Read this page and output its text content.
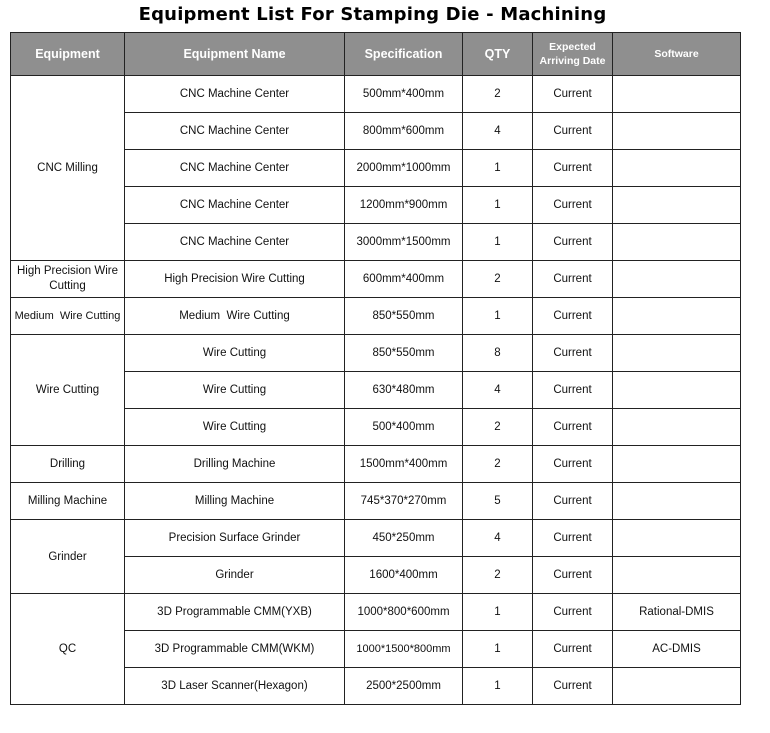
Equipment List For Stamping Die - Machining
Equipment	Equipment Name	Specification	QTY	Expected Arriving Date	Software
CNC Milling	CNC Machine Center	500mm*400mm	2	Current	
	CNC Machine Center	800mm*600mm	4	Current	
	CNC Machine Center	2000mm*1000mm	1	Current	
	CNC Machine Center	1200mm*900mm	1	Current	
	CNC Machine Center	3000mm*1500mm	1	Current	
High Precision Wire Cutting	High Precision Wire Cutting	600mm*400mm	2	Current	
Medium  Wire Cutting	Medium  Wire Cutting	850*550mm	1	Current	
Wire Cutting	Wire Cutting	850*550mm	8	Current	
	Wire Cutting	630*480mm	4	Current	
	Wire Cutting	500*400mm	2	Current	
Drilling	Drilling Machine	1500mm*400mm	2	Current	
Milling Machine	Milling Machine	745*370*270mm	5	Current	
Grinder	Precision Surface Grinder	450*250mm	4	Current	
	Grinder	1600*400mm	2	Current	
QC	3D Programmable CMM(YXB)	1000*800*600mm	1	Current	Rational-DMIS
	3D Programmable CMM(WKM)	1000*1500*800mm	1	Current	AC-DMIS
	3D Laser Scanner(Hexagon)	2500*2500mm	1	Current	
